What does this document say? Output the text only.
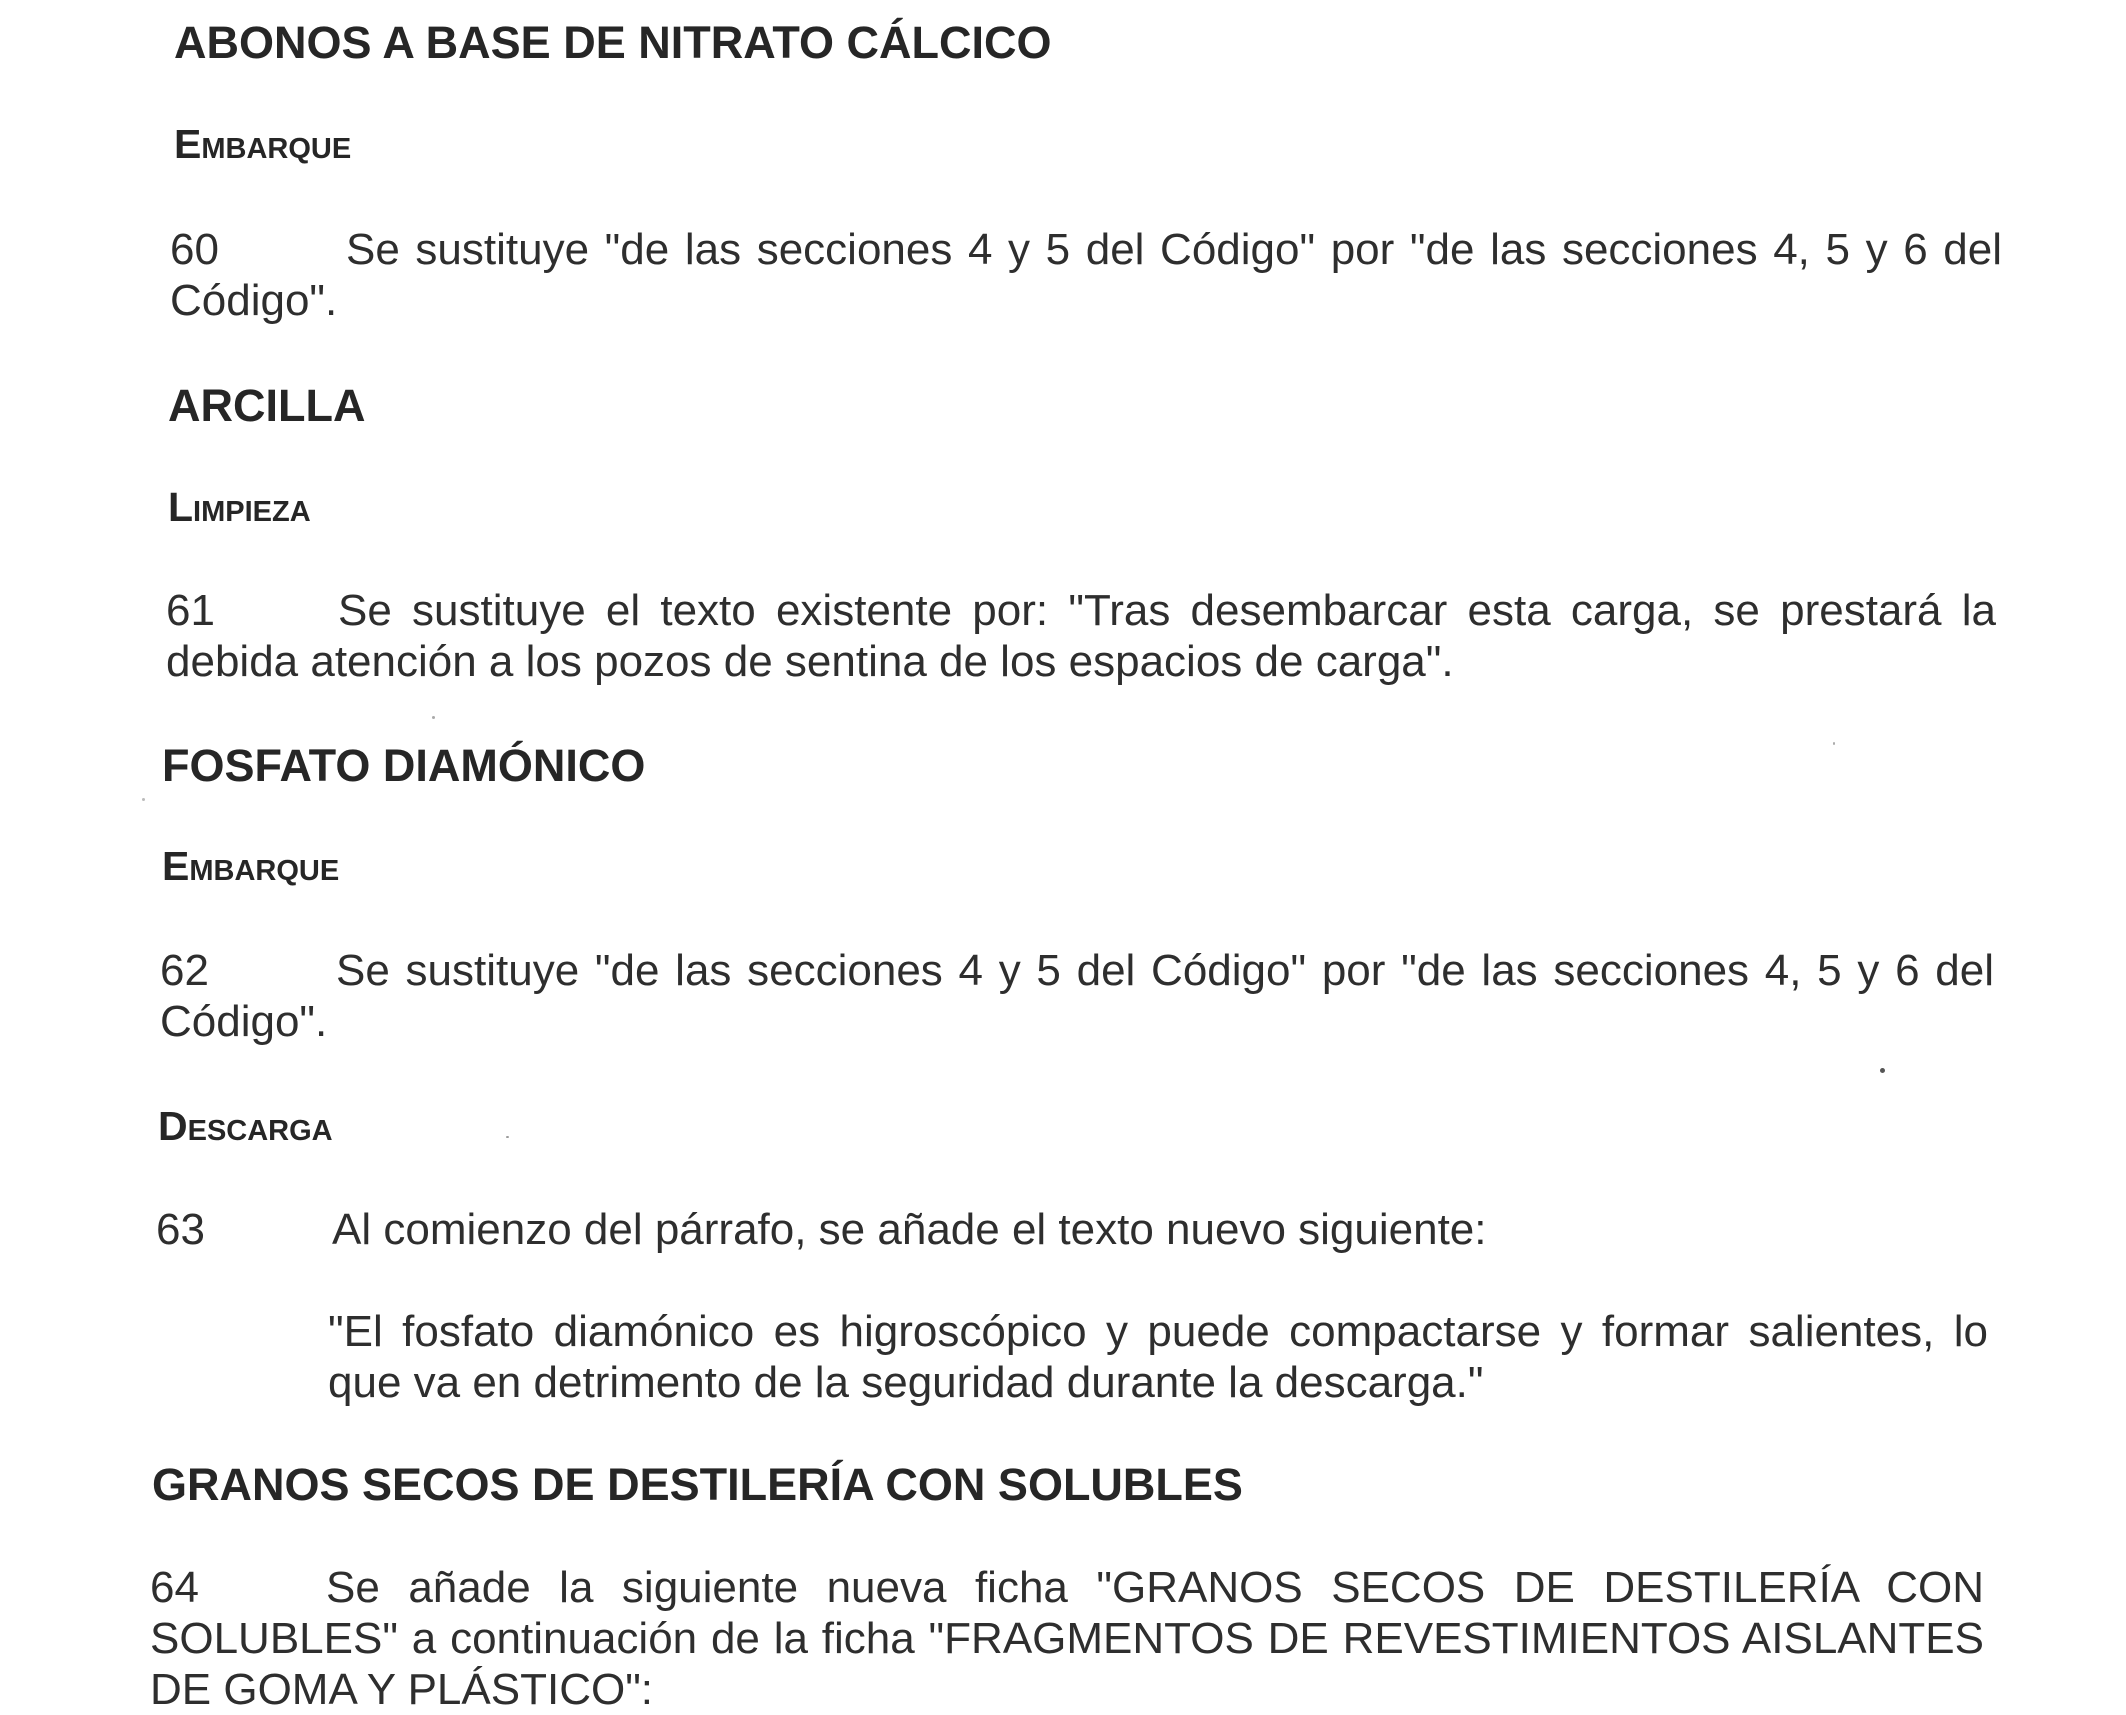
ABONOS A BASE DE NITRATO CÁLCICO
Embarque
60	Se sustituye "de las secciones 4 y 5 del Código" por "de las secciones 4, 5 y 6 del Código".
ARCILLA
Limpieza
61	Se sustituye el texto existente por: "Tras desembarcar esta carga, se prestará la debida atención a los pozos de sentina de los espacios de carga".
FOSFATO DIAMÓNICO
Embarque
62	Se sustituye "de las secciones 4 y 5 del Código" por "de las secciones 4, 5 y 6 del Código".
Descarga
63	Al comienzo del párrafo, se añade el texto nuevo siguiente:
"El fosfato diamónico es higroscópico y puede compactarse y formar salientes, lo que va en detrimento de la seguridad durante la descarga."
GRANOS SECOS DE DESTILERÍA CON SOLUBLES
64	Se añade la siguiente nueva ficha "GRANOS SECOS DE DESTILERÍA CON SOLUBLES" a continuación de la ficha "FRAGMENTOS DE REVESTIMIENTOS AISLANTES DE GOMA Y PLÁSTICO":
